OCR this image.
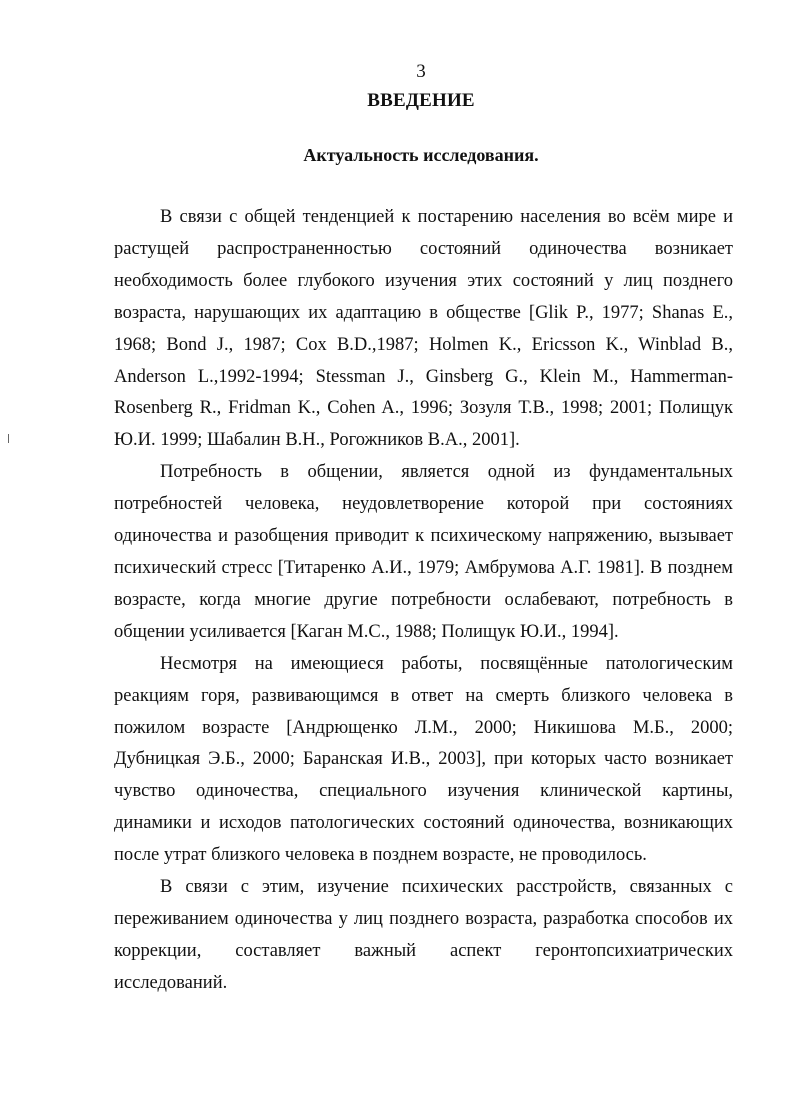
3
ВВЕДЕНИЕ
Актуальность исследования.

В связи с общей тенденцией к постарению населения во всём мире и растущей распространенностью состояний одиночества возникает необходимость более глубокого изучения этих состояний у лиц позднего возраста, нарушающих их адаптацию в обществе [Glik P., 1977; Shanas E., 1968; Bond J., 1987; Cox B.D.,1987; Holmen K., Ericsson K., Winblad B., Anderson L.,1992-1994; Stessman J., Ginsberg G., Klein M., Hammerman-Rosenberg R., Fridman K., Cohen A., 1996; Зозуля Т.В., 1998; 2001; Полищук Ю.И. 1999; Шабалин В.Н., Рогожников В.А., 2001].

Потребность в общении, является одной из фундаментальных потребностей человека, неудовлетворение которой при состояниях одиночества и разобщения приводит к психическому напряжению, вызывает психический стресс [Титаренко А.И., 1979; Амбрумова А.Г. 1981]. В позднем возрасте, когда многие другие потребности ослабевают, потребность в общении усиливается [Каган М.С., 1988; Полищук Ю.И., 1994].

Несмотря на имеющиеся работы, посвящённые патологическим реакциям горя, развивающимся в ответ на смерть близкого человека в пожилом возрасте [Андрющенко Л.М., 2000; Никишова М.Б., 2000; Дубницкая Э.Б., 2000; Баранская И.В., 2003], при которых часто возникает чувство одиночества, специального изучения клинической картины, динамики и исходов патологических состояний одиночества, возникающих после утрат близкого человека в позднем возрасте, не проводилось.

В связи с этим, изучение психических расстройств, связанных с переживанием одиночества у лиц позднего возраста, разработка способов их коррекции, составляет важный аспект геронтопсихиатрических исследований.
